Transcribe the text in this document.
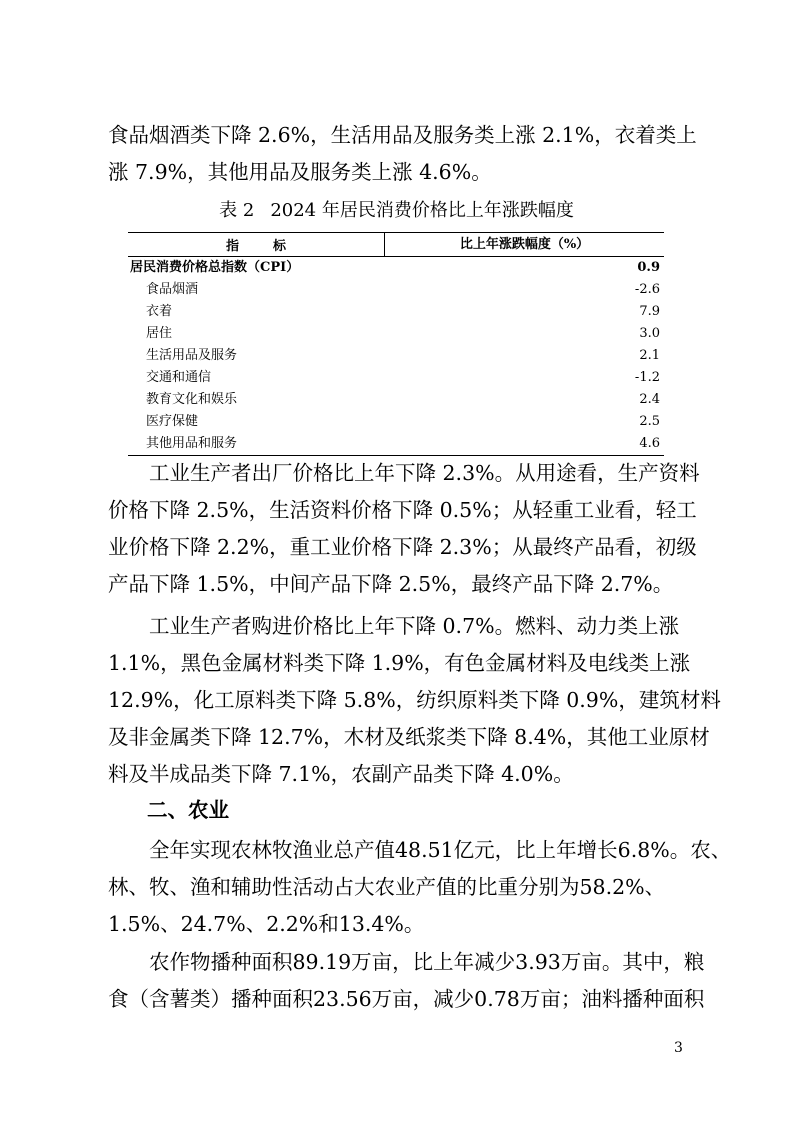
食品烟酒类下降 2.6%，生活用品及服务类上涨 2.1%，衣着类上
涨 7.9%，其他用品及服务类上涨 4.6%。

表 2 2024 年居民消费价格比上年涨跌幅度

指标	比上年涨跌幅度（%）
居民消费价格总指数（CPI）	0.9
食品烟酒	-2.6
衣着	7.9
居住	3.0
生活用品及服务	2.1
交通和通信	-1.2
教育文化和娱乐	2.4
医疗保健	2.5
其他用品和服务	4.6

　　工业生产者出厂价格比上年下降 2.3%。从用途看，生产资料
价格下降 2.5%，生活资料价格下降 0.5%；从轻重工业看，轻工
业价格下降 2.2%，重工业价格下降 2.3%；从最终产品看，初级
产品下降 1.5%，中间产品下降 2.5%，最终产品下降 2.7%。

　　工业生产者购进价格比上年下降 0.7%。燃料、动力类上涨
1.1%，黑色金属材料类下降 1.9%，有色金属材料及电线类上涨
12.9%，化工原料类下降 5.8%，纺织原料类下降 0.9%，建筑材料
及非金属类下降 12.7%，木材及纸浆类下降 8.4%，其他工业原材
料及半成品类下降 7.1%，农副产品类下降 4.0%。

二、农业

　　全年实现农林牧渔业总产值48.51亿元，比上年增长6.8%。农、
林、牧、渔和辅助性活动占大农业产值的比重分别为58.2%、
1.5%、24.7%、2.2%和13.4%。

　　农作物播种面积89.19万亩，比上年减少3.93万亩。其中，粮
食（含薯类）播种面积23.56万亩，减少0.78万亩；油料播种面积

3
